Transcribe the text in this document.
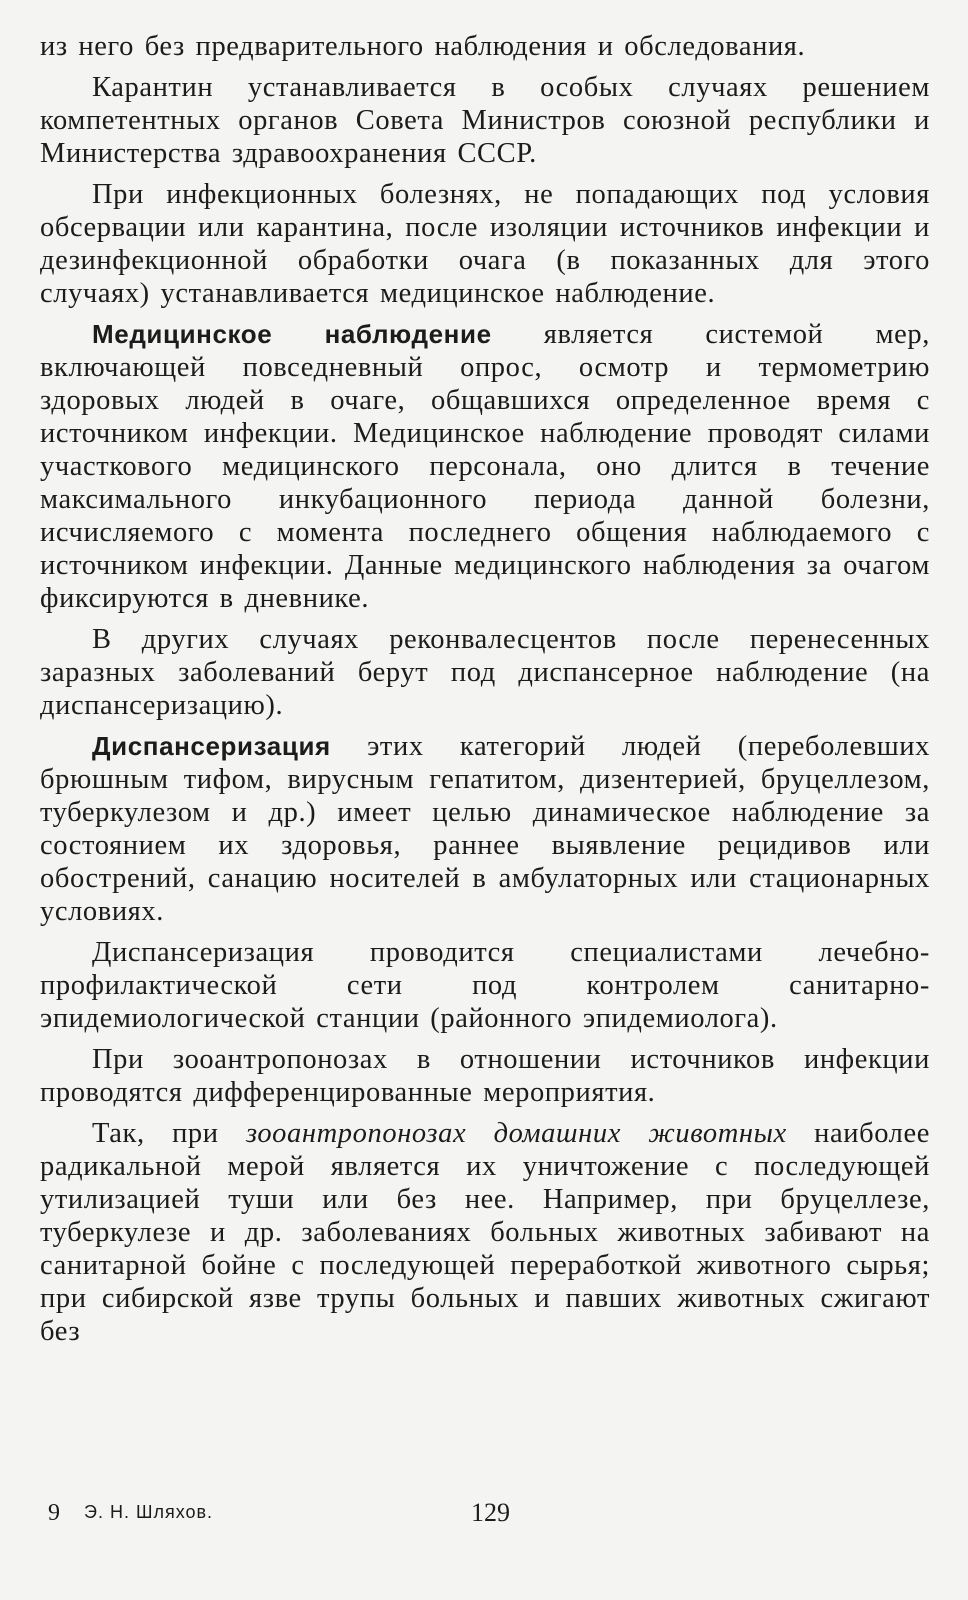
из него без предварительного наблюдения и обследования.

Карантин устанавливается в особых случаях решением компетентных органов Совета Министров союзной республики и Министерства здравоохранения СССР.

При инфекционных болезнях, не попадающих под условия обсервации или карантина, после изоляции источников инфекции и дезинфекционной обработки очага (в показанных для этого случаях) устанавливается медицинское наблюдение.

Медицинское наблюдение является системой мер, включающей повседневный опрос, осмотр и термометрию здоровых людей в очаге, общавшихся определенное время с источником инфекции. Медицинское наблюдение проводят силами участкового медицинского персонала, оно длится в течение максимального инкубационного периода данной болезни, исчисляемого с момента последнего общения наблюдаемого с источником инфекции. Данные медицинского наблюдения за очагом фиксируются в дневнике.

В других случаях реконвалесцентов после перенесенных заразных заболеваний берут под диспансерное наблюдение (на диспансеризацию).

Диспансеризация этих категорий людей (переболевших брюшным тифом, вирусным гепатитом, дизентерией, бруцеллезом, туберкулезом и др.) имеет целью динамическое наблюдение за состоянием их здоровья, раннее выявление рецидивов или обострений, санацию носителей в амбулаторных или стационарных условиях.

Диспансеризация проводится специалистами лечебно-профилактической сети под контролем санитарно-эпидемиологической станции (районного эпидемиолога).

При зооантропонозах в отношении источников инфекции проводятся дифференцированные мероприятия.

Так, при зооантропонозах домашних животных наиболее радикальной мерой является их уничтожение с последующей утилизацией туши или без нее. Например, при бруцеллезе, туберкулезе и др. заболеваниях больных животных забивают на санитарной бойне с последующей переработкой животного сырья; при сибирской язве трупы больных и павших животных сжигают без

9 Э. Н. Шляхов.	129
